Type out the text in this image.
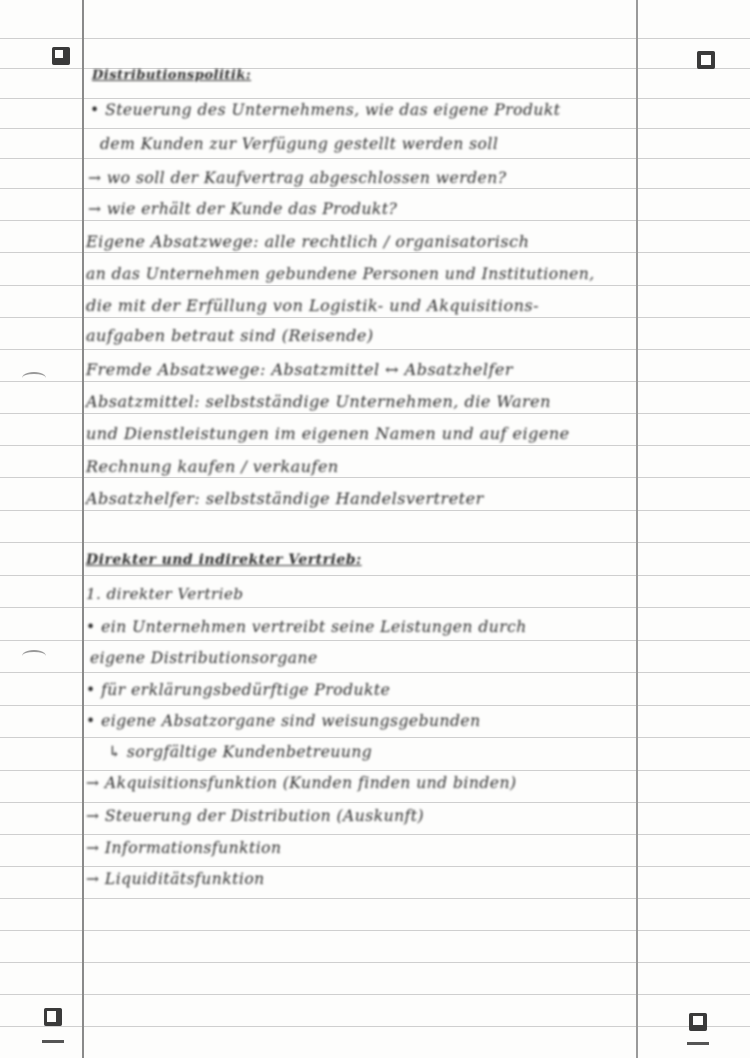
Distributionspolitik:
• Steuerung des Unternehmens, wie das eigene Produkt
dem Kunden zur Verfügung gestellt werden soll
→ wo soll der Kaufvertrag abgeschlossen werden?
→ wie erhält der Kunde das Produkt?
Eigene Absatzwege: alle rechtlich / organisatorisch
an das Unternehmen gebundene Personen und Institutionen,
die mit der Erfüllung von Logistik- und Akquisitions-
aufgaben betraut sind (Reisende)
Fremde Absatzwege: Absatzmittel ↔ Absatzhelfer
Absatzmittel: selbstständige Unternehmen, die Waren
und Dienstleistungen im eigenen Namen und auf eigene
Rechnung kaufen / verkaufen
Absatzhelfer: selbstständige Handelsvertreter
Direkter und indirekter Vertrieb:
1. direkter Vertrieb
• ein Unternehmen vertreibt seine Leistungen durch
eigene Distributionsorgane
• für erklärungsbedürftige Produkte
• eigene Absatzorgane sind weisungsgebunden
↳ sorgfältige Kundenbetreuung
→ Akquisitionsfunktion (Kunden finden und binden)
→ Steuerung der Distribution (Auskunft)
→ Informationsfunktion
→ Liquiditätsfunktion
